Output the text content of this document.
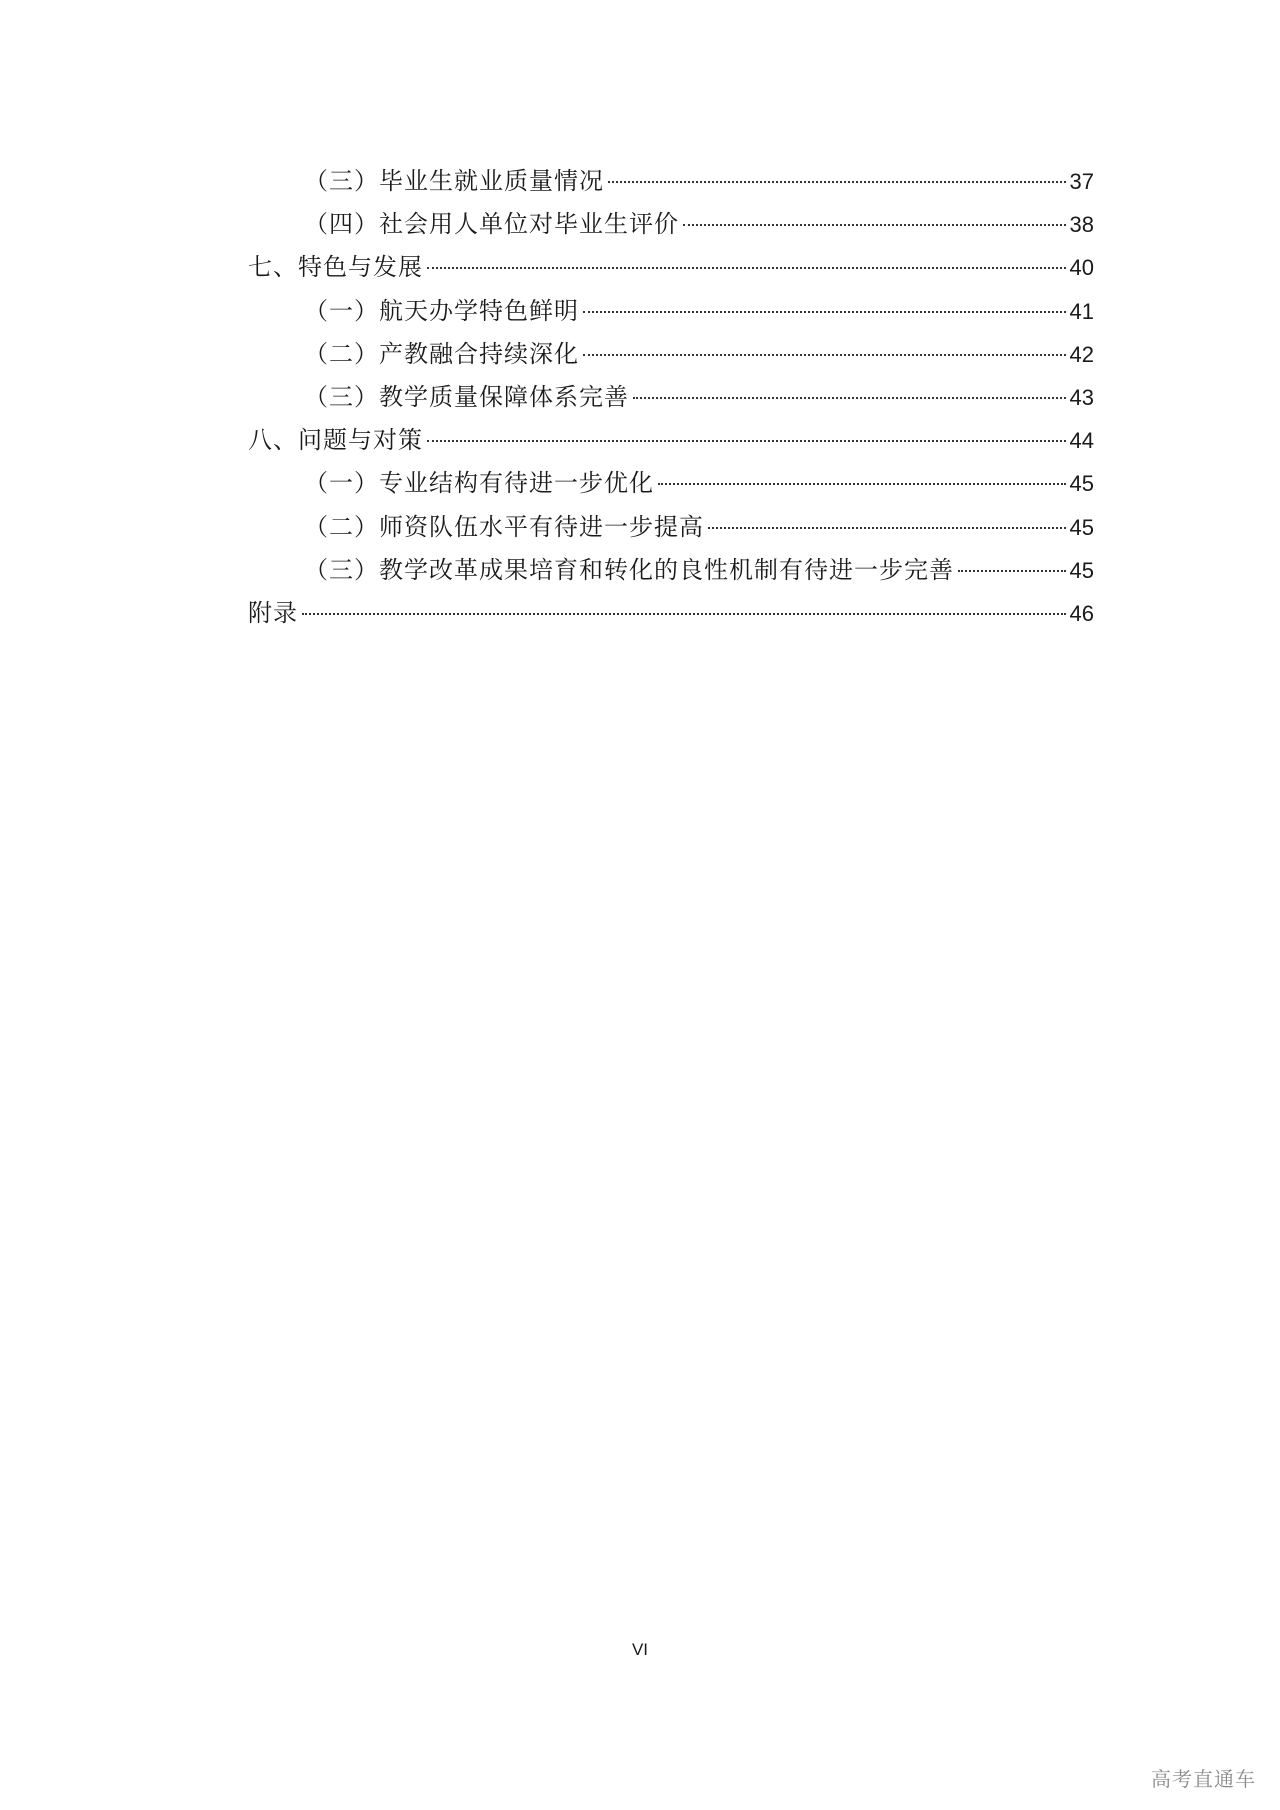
（三）毕业生就业质量情况	37
（四）社会用人单位对毕业生评价	38
七、特色与发展	40
（一）航天办学特色鲜明	41
（二）产教融合持续深化	42
（三）教学质量保障体系完善	43
八、问题与对策	44
（一）专业结构有待进一步优化	45
（二）师资队伍水平有待进一步提高	45
（三）教学改革成果培育和转化的良性机制有待进一步完善	45
附录	46
VI
高考直通车
